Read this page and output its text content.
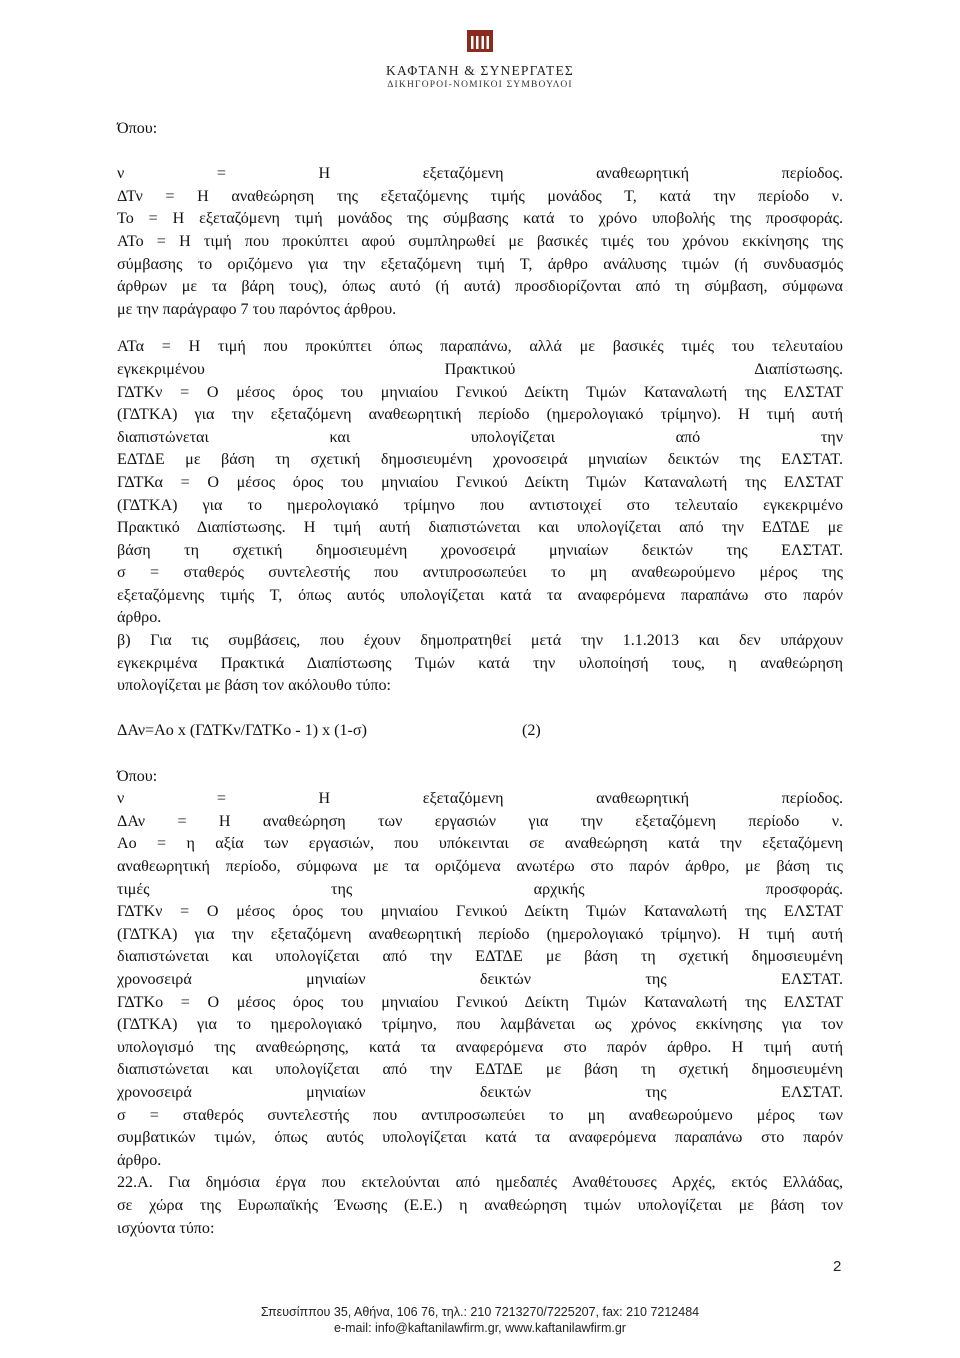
ΚΑΦΤΑΝΗ & ΣΥΝΕΡΓΑΤΕΣ
ΔΙΚΗΓΟΡΟΙ-ΝΟΜΙΚΟΙ ΣΥΜΒΟΥΛΟΙ

Όπου:

ν = Η εξεταζόμενη αναθεωρητική περίοδος.

ΔΤν = Η αναθεώρηση της εξεταζόμενης τιμής μονάδος Τ, κατά την περίοδο ν.

Το = Η εξεταζόμενη τιμή μονάδος της σύμβασης κατά το χρόνο υποβολής της προσφοράς.

ΑΤο = Η τιμή που προκύπτει αφού συμπληρωθεί με βασικές τιμές του χρόνου εκκίνησης της

σύμβασης το οριζόμενο για την εξεταζόμενη τιμή Τ, άρθρο ανάλυσης τιμών (ή συνδυασμός

άρθρων με τα βάρη τους), όπως αυτό (ή αυτά) προσδιορίζονται από τη σύμβαση, σύμφωνα

με την παράγραφο 7 του παρόντος άρθρου.

ΑΤα = Η τιμή που προκύπτει όπως παραπάνω, αλλά με βασικές τιμές του τελευταίου

εγκεκριμένου Πρακτικού Διαπίστωσης.

ΓΔΤΚν = Ο μέσος όρος του μηνιαίου Γενικού Δείκτη Τιμών Καταναλωτή της ΕΛΣΤΑΤ

(ΓΔΤΚΑ) για την εξεταζόμενη αναθεωρητική περίοδο (ημερολογιακό τρίμηνο). Η τιμή αυτή

διαπιστώνεται και υπολογίζεται από την

ΕΔΤΔΕ με βάση τη σχετική δημοσιευμένη χρονοσειρά μηνιαίων δεικτών της ΕΛΣΤΑΤ.

ΓΔΤΚα = Ο μέσος όρος του μηνιαίου Γενικού Δείκτη Τιμών Καταναλωτή της ΕΛΣΤΑΤ

(ΓΔΤΚΑ) για το ημερολογιακό τρίμηνο που αντιστοιχεί στο τελευταίο εγκεκριμένο

Πρακτικό Διαπίστωσης. Η τιμή αυτή διαπιστώνεται και υπολογίζεται από την ΕΔΤΔΕ με

βάση τη σχετική δημοσιευμένη χρονοσειρά μηνιαίων δεικτών της ΕΛΣΤΑΤ.

σ = σταθερός συντελεστής που αντιπροσωπεύει το μη αναθεωρούμενο μέρος της

εξεταζόμενης τιμής Τ, όπως αυτός υπολογίζεται κατά τα αναφερόμενα παραπάνω στο παρόν

άρθρο.

β) Για τις συμβάσεις, που έχουν δημοπρατηθεί μετά την 1.1.2013 και δεν υπάρχουν

εγκεκριμένα Πρακτικά Διαπίστωσης Τιμών κατά την υλοποίησή τους, η αναθεώρηση

υπολογίζεται με βάση τον ακόλουθο τύπο:

ΔΑν=Αο x (ΓΔΤΚν/ΓΔΤΚο - 1) x (1-σ)	(2)

Όπου:

ν = Η εξεταζόμενη αναθεωρητική περίοδος.

ΔΑν = Η αναθεώρηση των εργασιών για την εξεταζόμενη περίοδο ν.

Αο = η αξία των εργασιών, που υπόκεινται σε αναθεώρηση κατά την εξεταζόμενη

αναθεωρητική περίοδο, σύμφωνα με τα οριζόμενα ανωτέρω στο παρόν άρθρο, με βάση τις

τιμές της αρχικής προσφοράς.

ΓΔΤΚν = Ο μέσος όρος του μηνιαίου Γενικού Δείκτη Τιμών Καταναλωτή της ΕΛΣΤΑΤ

(ΓΔΤΚΑ) για την εξεταζόμενη αναθεωρητική περίοδο (ημερολογιακό τρίμηνο). Η τιμή αυτή

διαπιστώνεται και υπολογίζεται από την ΕΔΤΔΕ με βάση τη σχετική δημοσιευμένη

χρονοσειρά μηνιαίων δεικτών της ΕΛΣΤΑΤ.

ΓΔΤΚο = Ο μέσος όρος του μηνιαίου Γενικού Δείκτη Τιμών Καταναλωτή της ΕΛΣΤΑΤ

(ΓΔΤΚΑ) για το ημερολογιακό τρίμηνο, που λαμβάνεται ως χρόνος εκκίνησης για τον

υπολογισμό της αναθεώρησης, κατά τα αναφερόμενα στο παρόν άρθρο. Η τιμή αυτή

διαπιστώνεται και υπολογίζεται από την ΕΔΤΔΕ με βάση τη σχετική δημοσιευμένη

χρονοσειρά μηνιαίων δεικτών της ΕΛΣΤΑΤ.

σ = σταθερός συντελεστής που αντιπροσωπεύει το μη αναθεωρούμενο μέρος των

συμβατικών τιμών, όπως αυτός υπολογίζεται κατά τα αναφερόμενα παραπάνω στο παρόν

άρθρο.

22.Α. Για δημόσια έργα που εκτελούνται από ημεδαπές Αναθέτουσες Αρχές, εκτός Ελλάδας,

σε χώρα της Ευρωπαϊκής Ένωσης (Ε.Ε.) η αναθεώρηση τιμών υπολογίζεται με βάση τον

ισχύοντα τύπο:

2
Σπευσίππου 35, Αθήνα, 106 76, τηλ.: 210 7213270/7225207, fax: 210 7212484
e-mail: info@kaftanilawfirm.gr, www.kaftanilawfirm.gr
